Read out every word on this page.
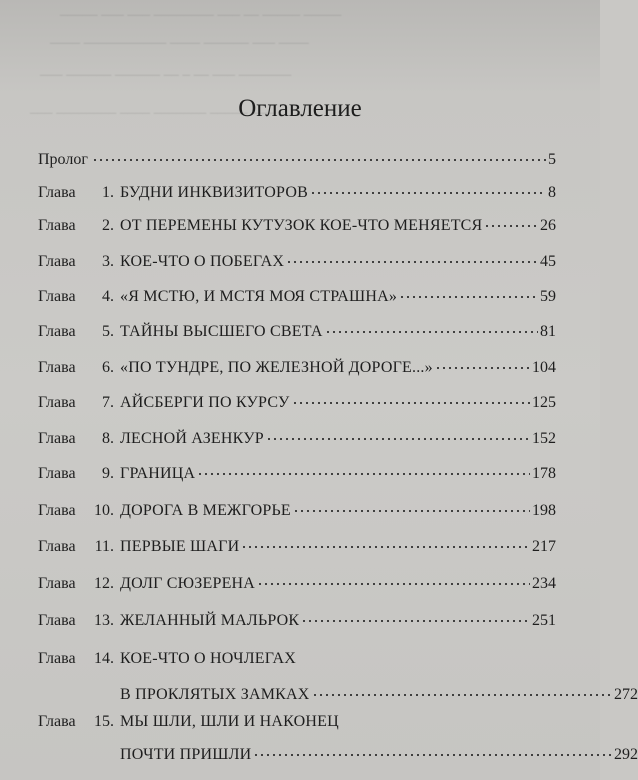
_____ ___ ___ ________ ___ __ _____ _____
____ ___________ ____ ______ ___ ____
___ ______ ______ __ _ __ ___ _______
___ ________ ____ _______ _____ ___
Оглавление
Пролог	5
Глава	1. БУДНИ ИНКВИЗИТОРОВ	8
Глава	2. ОТ ПЕРЕМЕНЫ КУТУЗОК КОЕ-ЧТО МЕНЯЕТСЯ	26
Глава	3. КОЕ-ЧТО О ПОБЕГАХ	45
Глава	4. «Я МСТЮ, И МСТЯ МОЯ СТРАШНА»	59
Глава	5. ТАЙНЫ ВЫСШЕГО СВЕТА	81
Глава	6. «ПО ТУНДРЕ, ПО ЖЕЛЕЗНОЙ ДОРОГЕ...»	104
Глава	7. АЙСБЕРГИ ПО КУРСУ	125
Глава	8. ЛЕСНОЙ АЗЕНКУР	152
Глава	9. ГРАНИЦА	178
Глава	10. ДОРОГА В МЕЖГОРЬЕ	198
Глава	11. ПЕРВЫЕ ШАГИ	217
Глава	12. ДОЛГ СЮЗЕРЕНА	234
Глава	13. ЖЕЛАННЫЙ МАЛЬРОК	251
Глава	14. КОЕ-ЧТО О НОЧЛЕГАХ
В ПРОКЛЯТЫХ ЗАМКАХ	272
Глава	15. МЫ ШЛИ, ШЛИ И НАКОНЕЦ
ПОЧТИ ПРИШЛИ	292
